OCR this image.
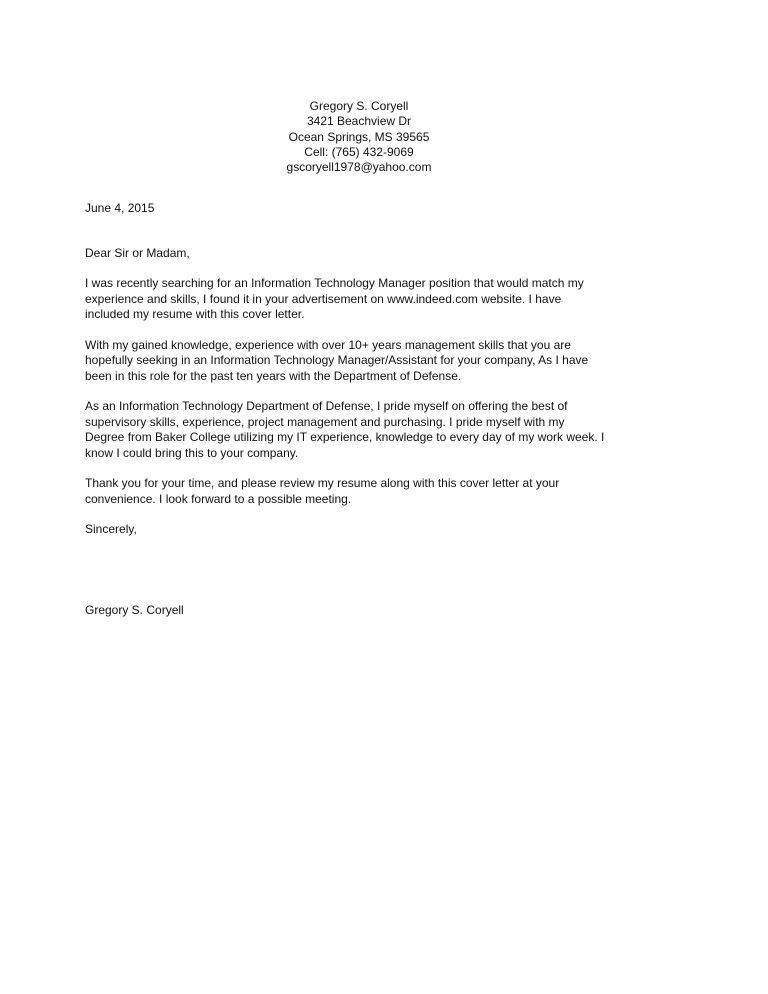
Gregory S. Coryell
3421 Beachview Dr
Ocean Springs, MS 39565
Cell: (765) 432-9069
gscoryell1978@yahoo.com
June 4, 2015
Dear Sir or Madam,
I was recently searching for an Information Technology Manager position that would match my
experience and skills, I found it in your advertisement on www.indeed.com website. I have
included my resume with this cover letter.
With my gained knowledge, experience with over 10+ years management skills that you are
hopefully seeking in an Information Technology Manager/Assistant for your company, As I have
been in this role for the past ten years with the Department of Defense.
As an Information Technology Department of Defense, I pride myself on offering the best of
supervisory skills, experience, project management and purchasing. I pride myself with my
Degree from Baker College utilizing my IT experience, knowledge to every day of my work week. I
know I could bring this to your company.
Thank you for your time, and please review my resume along with this cover letter at your
convenience. I look forward to a possible meeting.
Sincerely,
Gregory S. Coryell
